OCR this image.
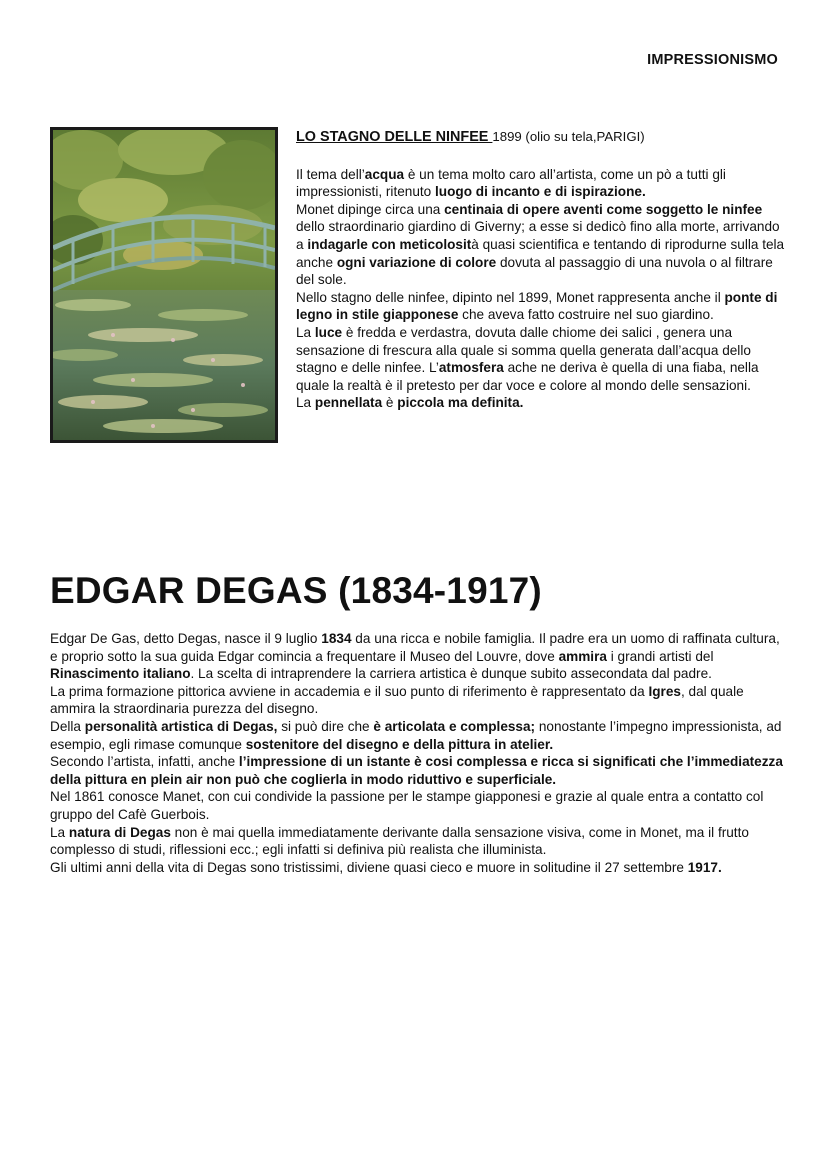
IMPRESSIONISMO
LO STAGNO DELLE NINFEE 1899 (olio su tela,PARIGI)

Il tema dell’acqua è un tema molto caro all’artista, come un pò a tutti gli impressionisti, ritenuto luogo di incanto e di ispirazione.

Monet dipinge circa una centinaia di opere aventi come soggetto le ninfee dello straordinario giardino di Giverny; a esse si dedicò fino alla morte, arrivando a indagarle con meticolosità quasi scientifica e tentando di riprodurne sulla tela anche ogni variazione di colore dovuta al passaggio di una nuvola o al filtrare del sole.

Nello stagno delle ninfee, dipinto nel 1899, Monet rappresenta anche il ponte di legno in stile giapponese che aveva fatto costruire nel suo giardino.

La luce è fredda e verdastra, dovuta dalle chiome dei salici , genera una sensazione di frescura alla quale si somma quella generata dall’acqua dello stagno e delle ninfee. L’atmosfera ache ne deriva è quella di una fiaba, nella quale la realtà è il pretesto per dar voce e colore al mondo delle sensazioni.

La pennellata è piccola ma definita.

EDGAR DEGAS (1834-1917)

Edgar De Gas, detto Degas, nasce il 9 luglio 1834 da una ricca e nobile famiglia. Il padre era un uomo di raffinata cultura, e proprio sotto la sua guida Edgar comincia a frequentare il Museo del Louvre, dove ammira i grandi artisti del Rinascimento italiano. La scelta di intraprendere la carriera artistica è dunque subito assecondata dal padre.

La prima formazione pittorica avviene in accademia e il suo punto di riferimento è rappresentato da Igres, dal quale ammira la straordinaria purezza del disegno.

Della personalità artistica di Degas, si può dire che è articolata e complessa; nonostante l’impegno impressionista, ad esempio, egli rimase comunque sostenitore del disegno e della pittura in atelier.

Secondo l’artista, infatti, anche l’impressione di un istante è cosi complessa e ricca si significati che l’immediatezza della pittura en plein air non può che coglierla in modo riduttivo e superficiale.

Nel 1861 conosce Manet, con cui condivide la passione per le stampe giapponesi e grazie al quale entra a contatto col gruppo del Cafè Guerbois.

La natura di Degas non è mai quella immediatamente derivante dalla sensazione visiva, come in Monet, ma il frutto complesso di studi, riflessioni ecc.; egli infatti si definiva più realista che illuminista.

Gli ultimi anni della vita di Degas sono tristissimi, diviene quasi cieco e muore in solitudine il 27 settembre 1917.
